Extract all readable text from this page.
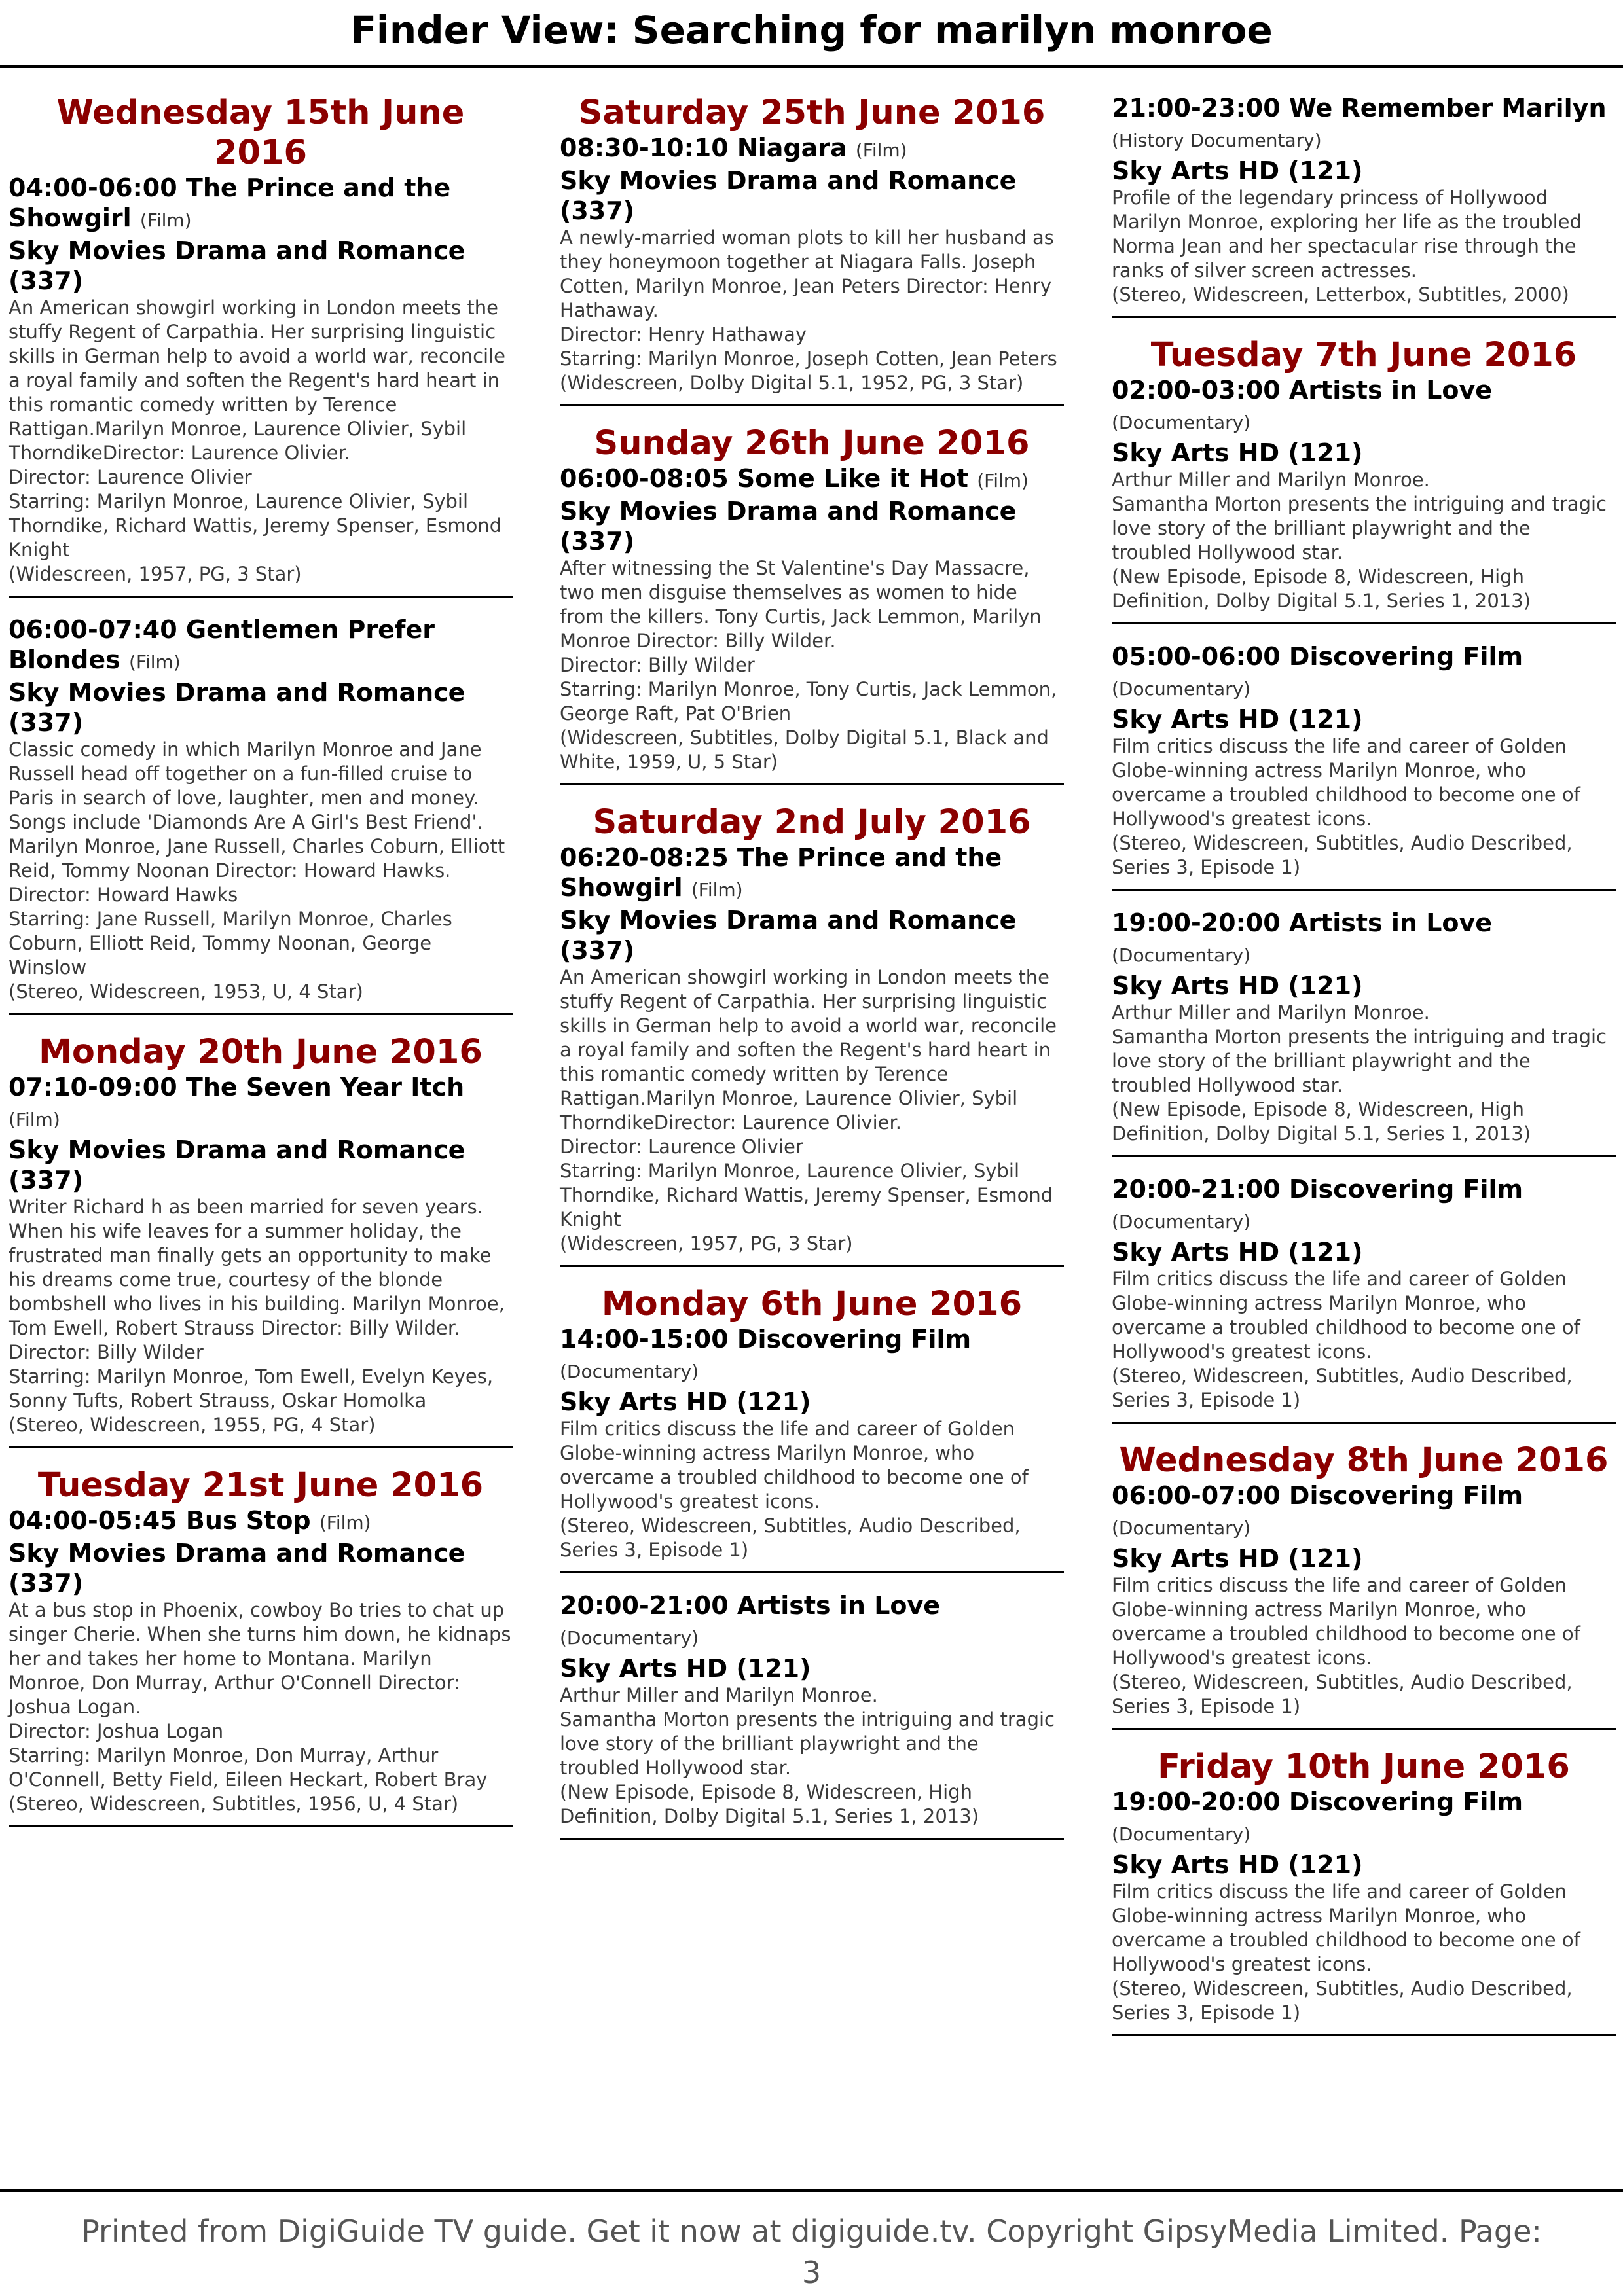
Finder View: Searching for marilyn monroe
Wednesday 15th June 2016
04:00-06:00 The Prince and the Showgirl (Film)
Sky Movies Drama and Romance (337)
An American showgirl working in London meets the stuffy Regent of Carpathia. Her surprising linguistic skills in German help to avoid a world war, reconcile a royal family and soften the Regent's hard heart in this romantic comedy written by Terence Rattigan.Marilyn Monroe, Laurence Olivier, Sybil ThorndikeDirector: Laurence Olivier.
Director: Laurence Olivier
Starring: Marilyn Monroe, Laurence Olivier, Sybil Thorndike, Richard Wattis, Jeremy Spenser, Esmond Knight
(Widescreen, 1957, PG, 3 Star)
06:00-07:40 Gentlemen Prefer Blondes (Film)
Sky Movies Drama and Romance (337)
Classic comedy in which Marilyn Monroe and Jane Russell head off together on a fun-filled cruise to Paris in search of love, laughter, men and money. Songs include 'Diamonds Are A Girl's Best Friend'. Marilyn Monroe, Jane Russell, Charles Coburn, Elliott Reid, Tommy Noonan Director: Howard Hawks.
Director: Howard Hawks
Starring: Jane Russell, Marilyn Monroe, Charles Coburn, Elliott Reid, Tommy Noonan, George Winslow
(Stereo, Widescreen, 1953, U, 4 Star)
Monday 20th June 2016
07:10-09:00 The Seven Year Itch (Film)
Sky Movies Drama and Romance (337)
Writer Richard h as been married for seven years. When his wife leaves for a summer holiday, the frustrated man finally gets an opportunity to make his dreams come true, courtesy of the blonde bombshell who lives in his building. Marilyn Monroe, Tom Ewell, Robert Strauss Director: Billy Wilder.
Director: Billy Wilder
Starring: Marilyn Monroe, Tom Ewell, Evelyn Keyes, Sonny Tufts, Robert Strauss, Oskar Homolka
(Stereo, Widescreen, 1955, PG, 4 Star)
Tuesday 21st June 2016
04:00-05:45 Bus Stop (Film)
Sky Movies Drama and Romance (337)
At a bus stop in Phoenix, cowboy Bo tries to chat up singer Cherie. When she turns him down, he kidnaps her and takes her home to Montana. Marilyn Monroe, Don Murray, Arthur O'Connell Director: Joshua Logan.
Director: Joshua Logan
Starring: Marilyn Monroe, Don Murray, Arthur O'Connell, Betty Field, Eileen Heckart, Robert Bray
(Stereo, Widescreen, Subtitles, 1956, U, 4 Star)
Saturday 25th June 2016
08:30-10:10 Niagara (Film)
Sky Movies Drama and Romance (337)
A newly-married woman plots to kill her husband as they honeymoon together at Niagara Falls. Joseph Cotten, Marilyn Monroe, Jean Peters Director: Henry Hathaway.
Director: Henry Hathaway
Starring: Marilyn Monroe, Joseph Cotten, Jean Peters
(Widescreen, Dolby Digital 5.1, 1952, PG, 3 Star)
Sunday 26th June 2016
06:00-08:05 Some Like it Hot (Film)
Sky Movies Drama and Romance (337)
After witnessing the St Valentine's Day Massacre, two men disguise themselves as women to hide from the killers. Tony Curtis, Jack Lemmon, Marilyn Monroe Director: Billy Wilder.
Director: Billy Wilder
Starring: Marilyn Monroe, Tony Curtis, Jack Lemmon, George Raft, Pat O'Brien
(Widescreen, Subtitles, Dolby Digital 5.1, Black and White, 1959, U, 5 Star)
Saturday 2nd July 2016
06:20-08:25 The Prince and the Showgirl (Film)
Sky Movies Drama and Romance (337)
An American showgirl working in London meets the stuffy Regent of Carpathia. Her surprising linguistic skills in German help to avoid a world war, reconcile a royal family and soften the Regent's hard heart in this romantic comedy written by Terence Rattigan.Marilyn Monroe, Laurence Olivier, Sybil ThorndikeDirector: Laurence Olivier.
Director: Laurence Olivier
Starring: Marilyn Monroe, Laurence Olivier, Sybil Thorndike, Richard Wattis, Jeremy Spenser, Esmond Knight
(Widescreen, 1957, PG, 3 Star)
Monday 6th June 2016
14:00-15:00 Discovering Film (Documentary)
Sky Arts HD (121)
Film critics discuss the life and career of Golden Globe-winning actress Marilyn Monroe, who overcame a troubled childhood to become one of Hollywood's greatest icons.
(Stereo, Widescreen, Subtitles, Audio Described, Series 3, Episode 1)
20:00-21:00 Artists in Love (Documentary)
Sky Arts HD (121)
Arthur Miller and Marilyn Monroe.
Samantha Morton presents the intriguing and tragic love story of the brilliant playwright and the troubled Hollywood star.
(New Episode, Episode 8, Widescreen, High Definition, Dolby Digital 5.1, Series 1, 2013)
21:00-23:00 We Remember Marilyn (History Documentary)
Sky Arts HD (121)
Profile of the legendary princess of Hollywood Marilyn Monroe, exploring her life as the troubled Norma Jean and her spectacular rise through the ranks of silver screen actresses.
(Stereo, Widescreen, Letterbox, Subtitles, 2000)
Tuesday 7th June 2016
02:00-03:00 Artists in Love (Documentary)
Sky Arts HD (121)
Arthur Miller and Marilyn Monroe.
Samantha Morton presents the intriguing and tragic love story of the brilliant playwright and the troubled Hollywood star.
(New Episode, Episode 8, Widescreen, High Definition, Dolby Digital 5.1, Series 1, 2013)
05:00-06:00 Discovering Film (Documentary)
Sky Arts HD (121)
Film critics discuss the life and career of Golden Globe-winning actress Marilyn Monroe, who overcame a troubled childhood to become one of Hollywood's greatest icons.
(Stereo, Widescreen, Subtitles, Audio Described, Series 3, Episode 1)
19:00-20:00 Artists in Love (Documentary)
Sky Arts HD (121)
Arthur Miller and Marilyn Monroe.
Samantha Morton presents the intriguing and tragic love story of the brilliant playwright and the troubled Hollywood star.
(New Episode, Episode 8, Widescreen, High Definition, Dolby Digital 5.1, Series 1, 2013)
20:00-21:00 Discovering Film (Documentary)
Sky Arts HD (121)
Film critics discuss the life and career of Golden Globe-winning actress Marilyn Monroe, who overcame a troubled childhood to become one of Hollywood's greatest icons.
(Stereo, Widescreen, Subtitles, Audio Described, Series 3, Episode 1)
Wednesday 8th June 2016
06:00-07:00 Discovering Film (Documentary)
Sky Arts HD (121)
Film critics discuss the life and career of Golden Globe-winning actress Marilyn Monroe, who overcame a troubled childhood to become one of Hollywood's greatest icons.
(Stereo, Widescreen, Subtitles, Audio Described, Series 3, Episode 1)
Friday 10th June 2016
19:00-20:00 Discovering Film (Documentary)
Sky Arts HD (121)
Film critics discuss the life and career of Golden Globe-winning actress Marilyn Monroe, who overcame a troubled childhood to become one of Hollywood's greatest icons.
(Stereo, Widescreen, Subtitles, Audio Described, Series 3, Episode 1)
Printed from DigiGuide TV guide. Get it now at digiguide.tv. Copyright GipsyMedia Limited. Page: 3
